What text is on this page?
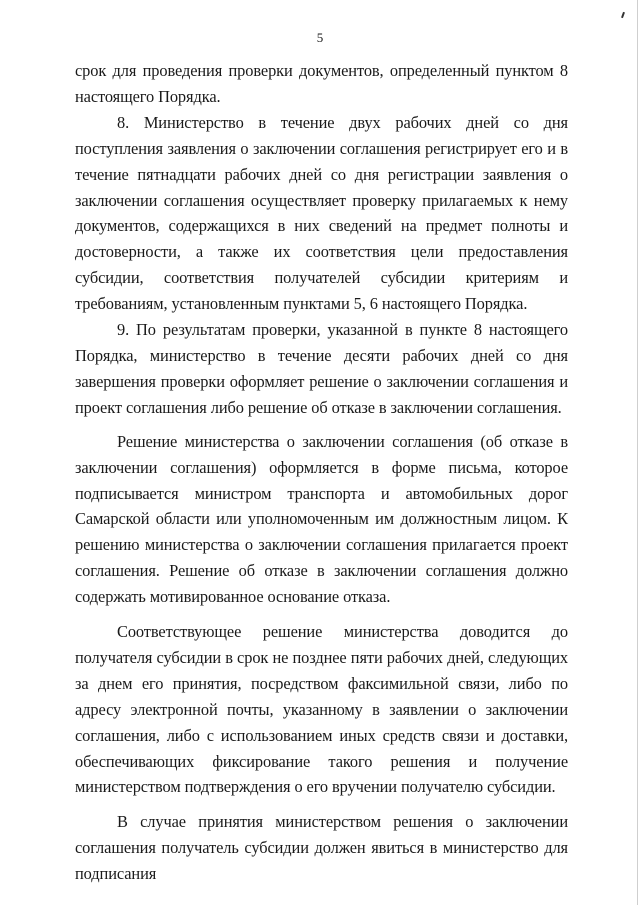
5

срок для проведения проверки документов, определенный пунктом 8 настоящего Порядка.

8. Министерство в течение двух рабочих дней со дня поступления заявления о заключении соглашения регистрирует его и в течение пятнадцати рабочих дней со дня регистрации заявления о заключении соглашения осуществляет проверку прилагаемых к нему документов, содержащихся в них сведений на предмет полноты и достоверности, а также их соответствия цели предоставления субсидии, соответствия получателей субсидии критериям и требованиям, установленным пунктами 5, 6 настоящего Порядка.

9. По результатам проверки, указанной в пункте 8 настоящего Порядка, министерство в течение десяти рабочих дней со дня завершения проверки оформляет решение о заключении соглашения и проект соглашения либо решение об отказе в заключении соглашения.

Решение министерства о заключении соглашения (об отказе в заключении соглашения) оформляется в форме письма, которое подписывается министром транспорта и автомобильных дорог Самарской области или уполномоченным им должностным лицом. К решению министерства о заключении соглашения прилагается проект соглашения. Решение об отказе в заключении соглашения должно содержать мотивированное основание отказа.

Соответствующее решение министерства доводится до получателя субсидии в срок не позднее пяти рабочих дней, следующих за днем его принятия, посредством факсимильной связи, либо по адресу электронной почты, указанному в заявлении о заключении соглашения, либо с использованием иных средств связи и доставки, обеспечивающих фиксирование такого решения и получение министерством подтверждения о его вручении получателю субсидии.

В случае принятия министерством решения о заключении соглашения получатель субсидии должен явиться в министерство для подписания
